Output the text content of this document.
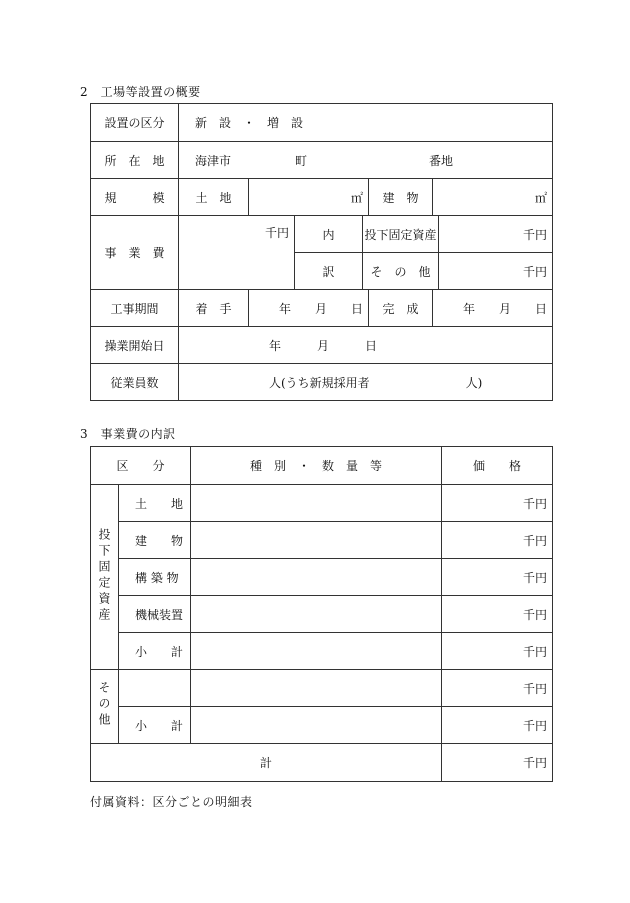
2　工場等設置の概要
設置の区分	新　設　・　増　設						
所　在　地	海津市 町 番地						
規　　　模	土　地	㎡			建　物	㎡	
事　業　費	千円		内	投下固定資産			千円
			訳	そ　の　他			千円
工事期間	着　手	年　　月　　日			完　成	年　　月　　日	
操業開始日	年　　　月　　　日						
従業員数	人(うち新規採用者　　　　　　　　人)						
3　事業費の内訳
区　　分		種　別　・　数　量　等	価　　格
投下固定資産	土　　地		千円
	建　　物		千円
	構 築 物		千円
	機械装置		千円
	小　　計		千円
その他			千円
	小　　計		千円
計			千円
付属資料：区分ごとの明細表
